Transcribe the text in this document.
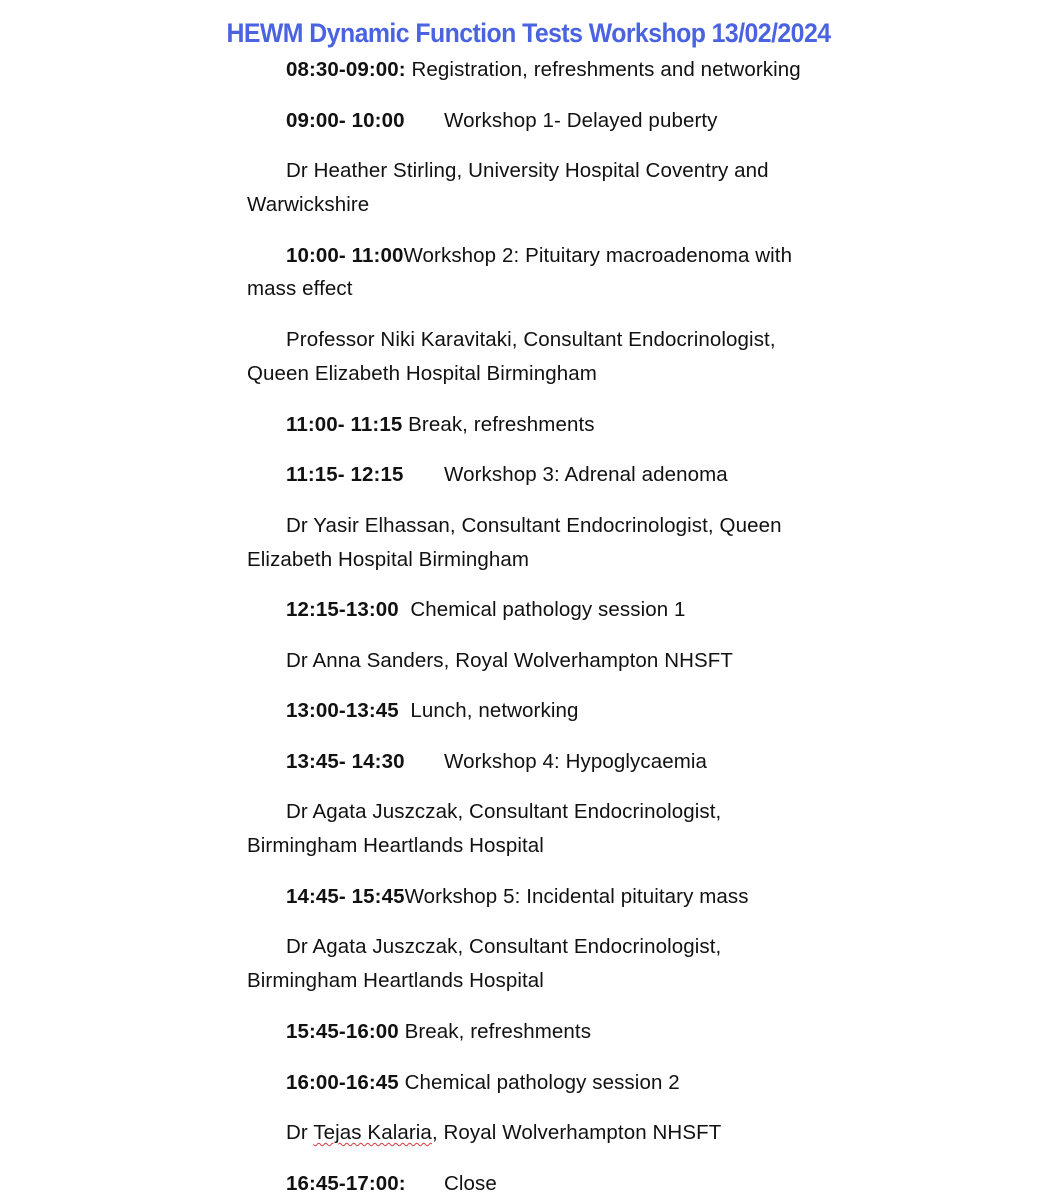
HEWM Dynamic Function Tests Workshop 13/02/2024
08:30-09:00: Registration, refreshments and networking
09:00- 10:00 Workshop 1- Delayed puberty
Dr Heather Stirling, University Hospital Coventry and
Warwickshire
10:00- 11:00Workshop 2: Pituitary macroadenoma with
mass effect
Professor Niki Karavitaki, Consultant Endocrinologist,
Queen Elizabeth Hospital Birmingham
11:00- 11:15 Break, refreshments
11:15- 12:15 Workshop 3: Adrenal adenoma
Dr Yasir Elhassan, Consultant Endocrinologist, Queen
Elizabeth Hospital Birmingham
12:15-13:00  Chemical pathology session 1
Dr Anna Sanders, Royal Wolverhampton NHSFT
13:00-13:45  Lunch, networking
13:45- 14:30 Workshop 4: Hypoglycaemia
Dr Agata Juszczak, Consultant Endocrinologist,
Birmingham Heartlands Hospital
14:45- 15:45Workshop 5: Incidental pituitary mass
Dr Agata Juszczak, Consultant Endocrinologist,
Birmingham Heartlands Hospital
15:45-16:00 Break, refreshments
16:00-16:45 Chemical pathology session 2
Dr Tejas Kalaria, Royal Wolverhampton NHSFT
16:45-17:00: Close
